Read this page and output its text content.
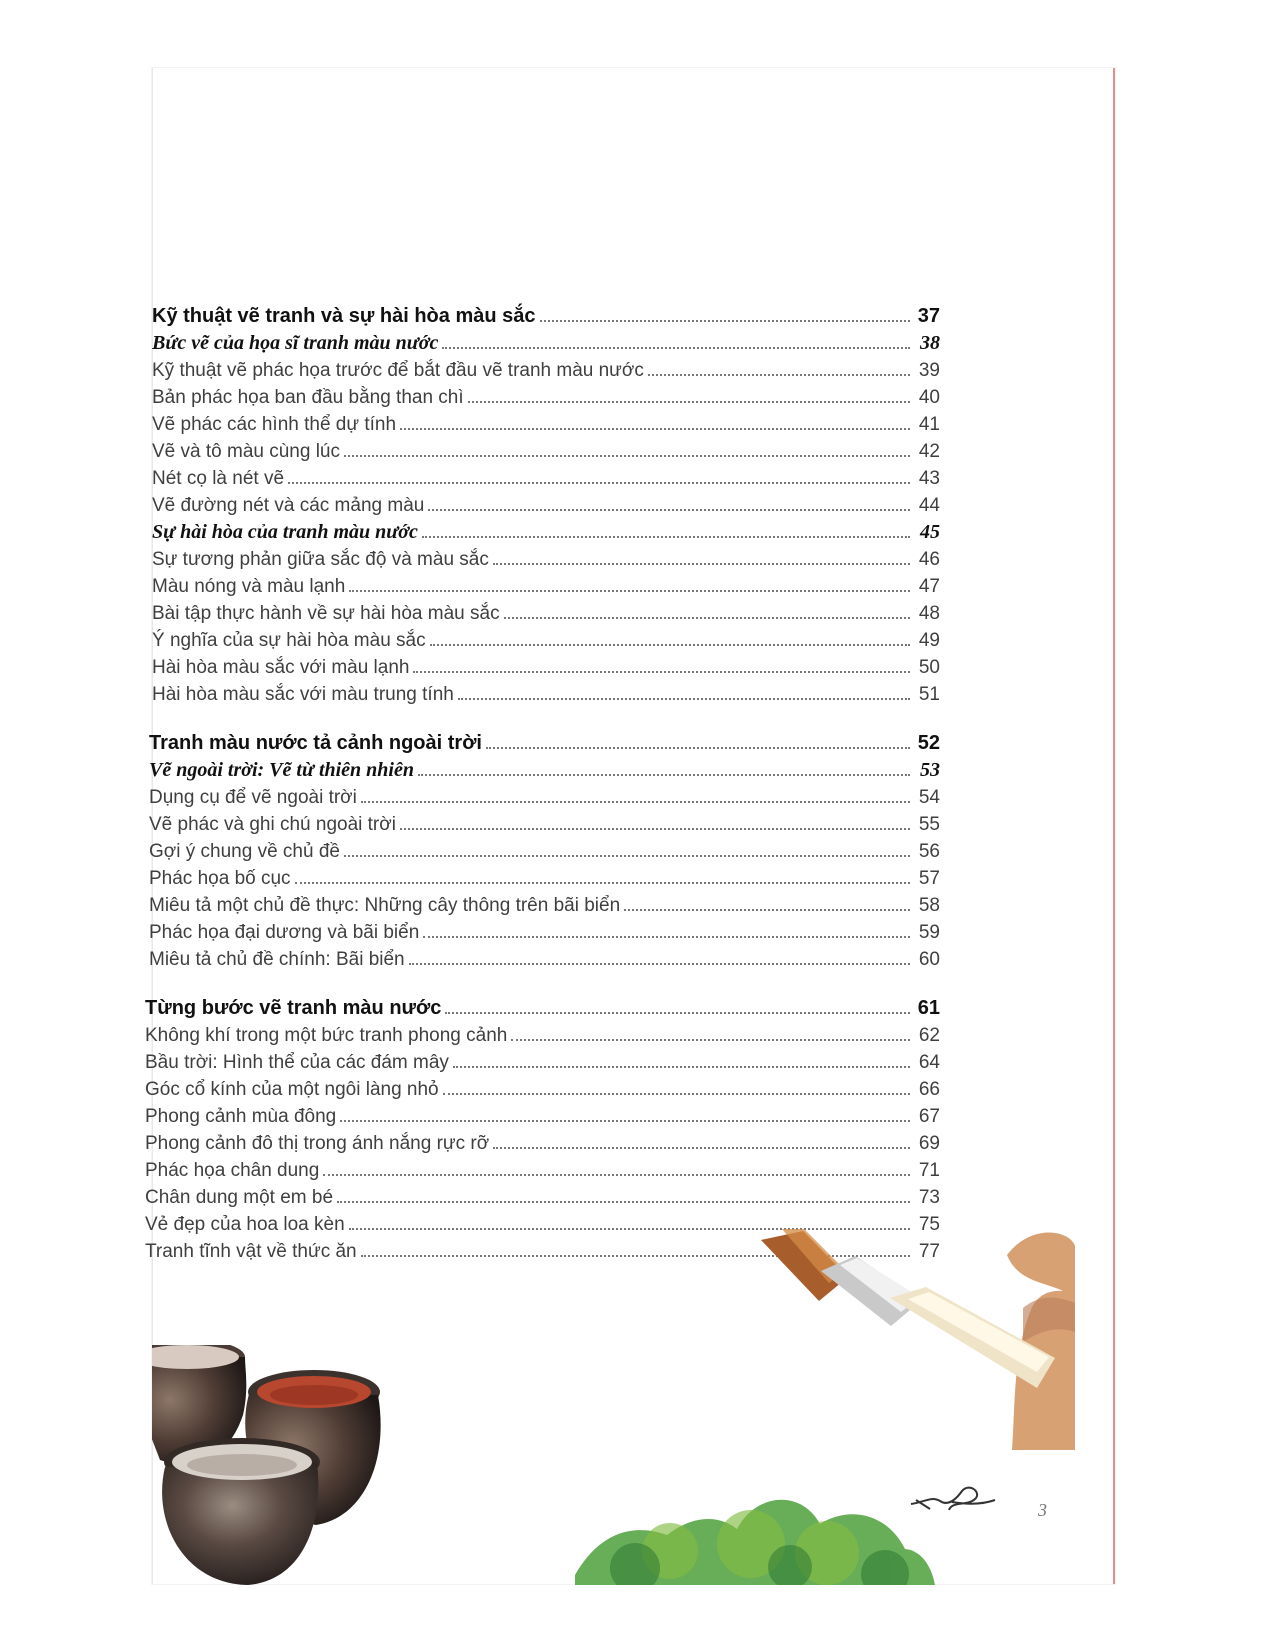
Kỹ thuật vẽ tranh và sự hài hòa màu sắc	37
Bức vẽ của họa sĩ tranh màu nước	38
Kỹ thuật vẽ phác họa trước để bắt đầu vẽ tranh màu nước	39
Bản phác họa ban đầu bằng than chì	40
Vẽ phác các hình thể dự tính	41
Vẽ và tô màu cùng lúc	42
Nét cọ là nét vẽ	43
Vẽ đường nét và các mảng màu	44
Sự hài hòa của tranh màu nước	45
Sự tương phản giữa sắc độ và màu sắc	46
Màu nóng và màu lạnh	47
Bài tập thực hành về sự hài hòa màu sắc	48
Ý nghĩa của sự hài hòa màu sắc	49
Hài hòa màu sắc với màu lạnh	50
Hài hòa màu sắc với màu trung tính	51
Tranh màu nước tả cảnh ngoài trời	52
Vẽ ngoài trời: Vẽ từ thiên nhiên	53
Dụng cụ để vẽ ngoài trời	54
Vẽ phác và ghi chú ngoài trời	55
Gợi ý chung về chủ đề	56
Phác họa bố cục	57
Miêu tả một chủ đề thực: Những cây thông trên bãi biển	58
Phác họa đại dương và bãi biển	59
Miêu tả chủ đề chính: Bãi biển	60
Từng bước vẽ tranh màu nước	61
Không khí trong một bức tranh phong cảnh	62
Bầu trời: Hình thể của các đám mây	64
Góc cổ kính của một ngôi làng nhỏ	66
Phong cảnh mùa đông	67
Phong cảnh đô thị trong ánh nắng rực rỡ	69
Phác họa chân dung	71
Chân dung một em bé	73
Vẻ đẹp của hoa loa kèn	75
Tranh tĩnh vật về thức ăn	77
3
